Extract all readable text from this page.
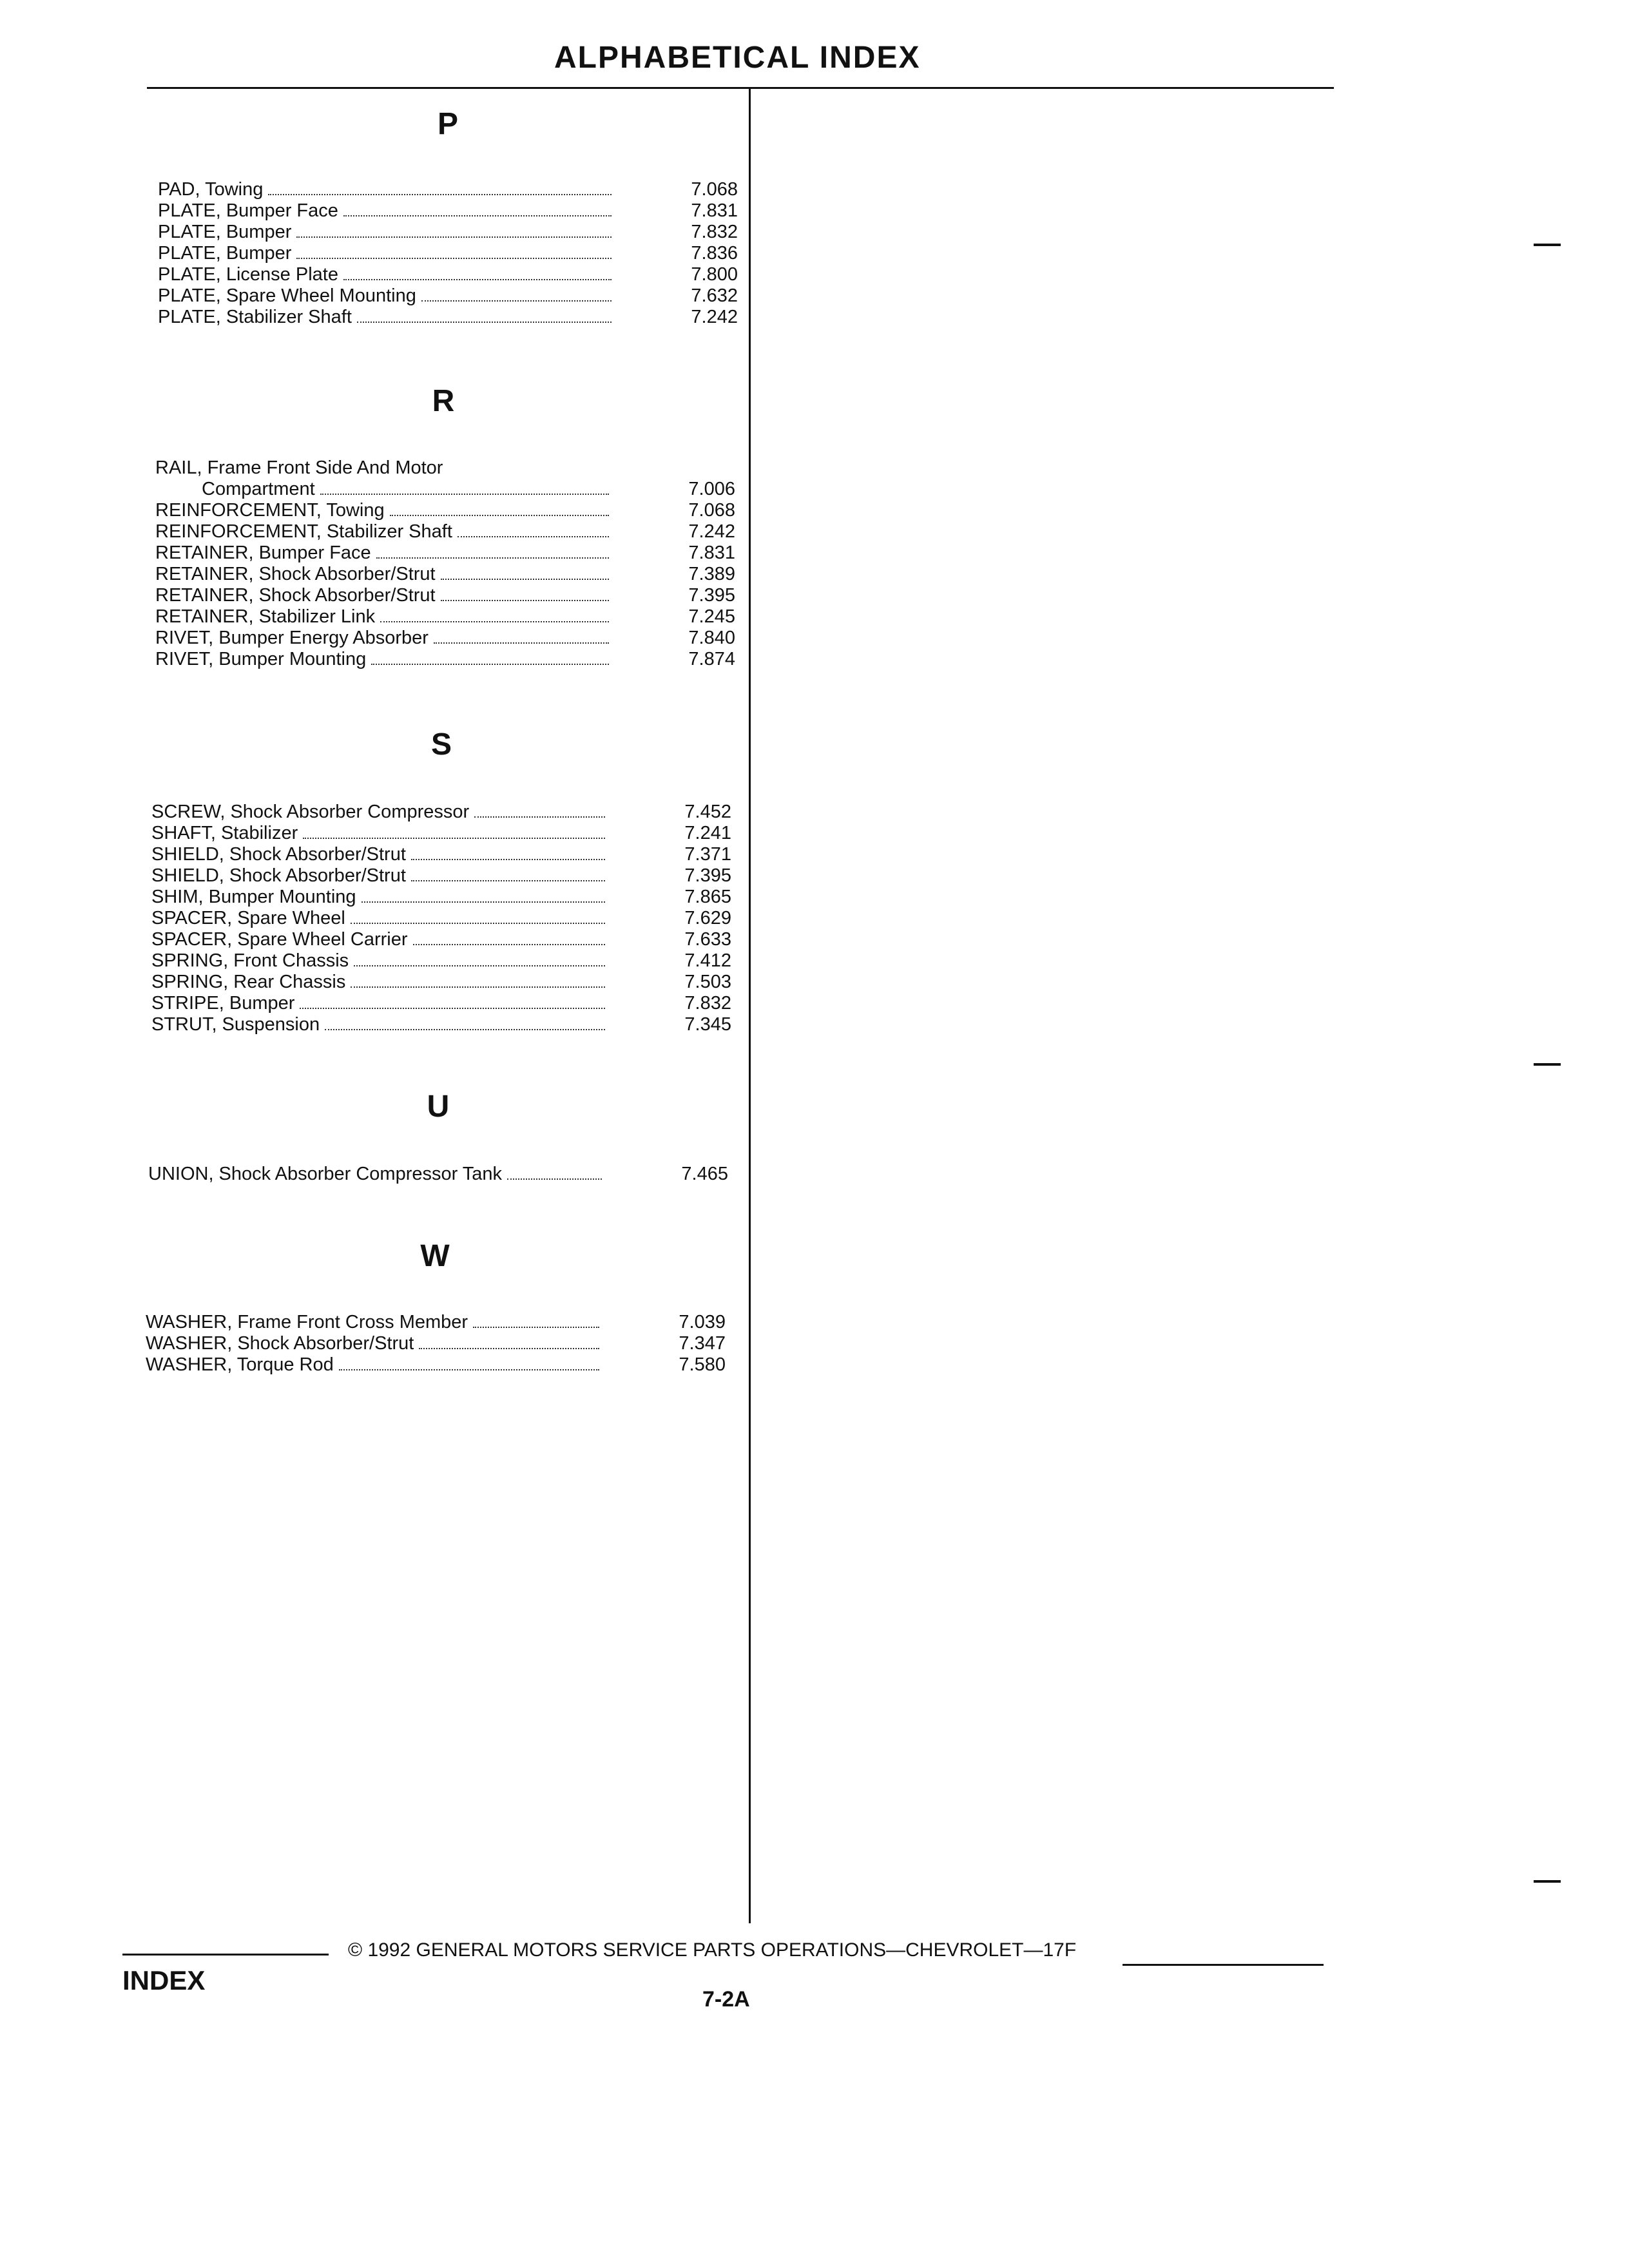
ALPHABETICAL INDEX
P
PAD, Towing	7.068
PLATE, Bumper Face	7.831
PLATE, Bumper	7.832
PLATE, Bumper	7.836
PLATE, License Plate	7.800
PLATE, Spare Wheel Mounting	7.632
PLATE, Stabilizer Shaft	7.242
R
RAIL, Frame Front Side And Motor
Compartment	7.006
REINFORCEMENT, Towing	7.068
REINFORCEMENT, Stabilizer Shaft	7.242
RETAINER, Bumper Face	7.831
RETAINER, Shock Absorber/Strut	7.389
RETAINER, Shock Absorber/Strut	7.395
RETAINER, Stabilizer Link	7.245
RIVET, Bumper Energy Absorber	7.840
RIVET, Bumper Mounting	7.874
S
SCREW, Shock Absorber Compressor	7.452
SHAFT, Stabilizer	7.241
SHIELD, Shock Absorber/Strut	7.371
SHIELD, Shock Absorber/Strut	7.395
SHIM, Bumper Mounting	7.865
SPACER, Spare Wheel	7.629
SPACER, Spare Wheel Carrier	7.633
SPRING, Front Chassis	7.412
SPRING, Rear Chassis	7.503
STRIPE, Bumper	7.832
STRUT, Suspension	7.345
U
UNION, Shock Absorber Compressor Tank	7.465
W
WASHER, Frame Front Cross Member	7.039
WASHER, Shock Absorber/Strut	7.347
WASHER, Torque Rod	7.580
© 1992 GENERAL MOTORS SERVICE PARTS OPERATIONS—CHEVROLET—17F
INDEX
7-2A
